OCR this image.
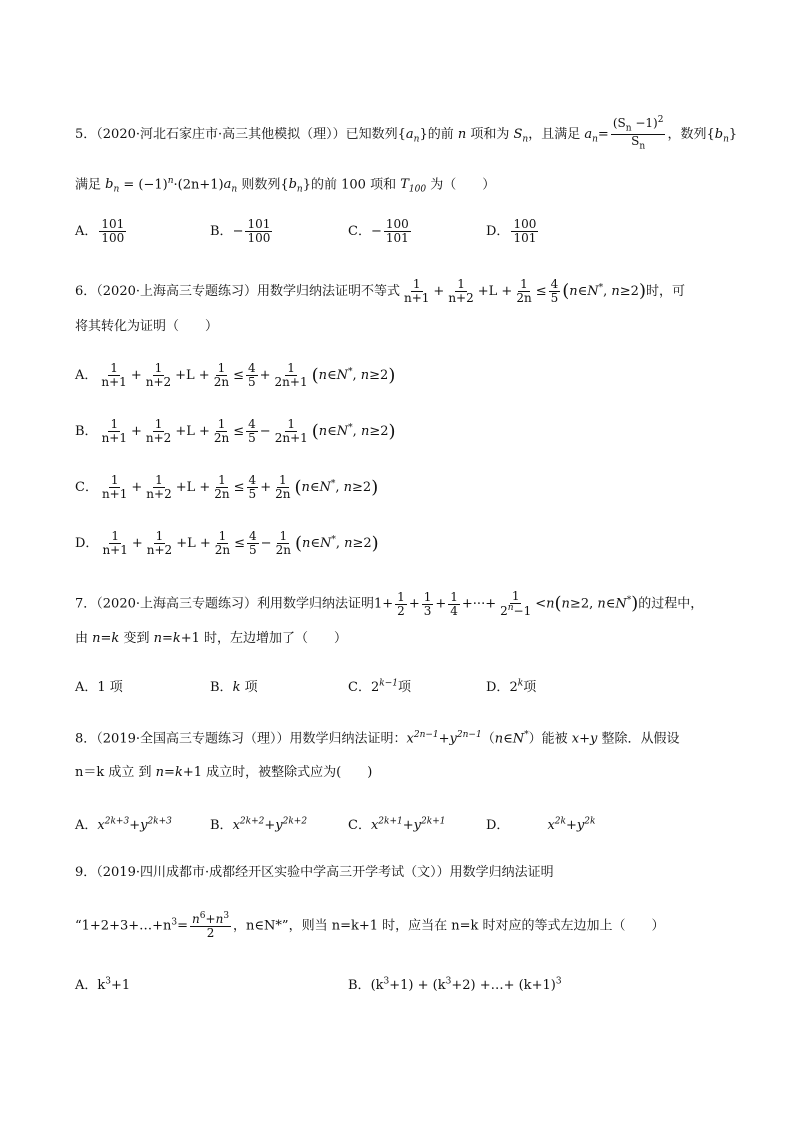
5．（2020·河北石家庄市·高三其他模拟（理））已知数列$\{a_n\}$的前 n 项和为 $S_n$，且满足 $a_n= \frac{(S_n -1)^2}{S_n}$ ，数列$\{b_n\}$
满足 $b_n = (-1)^n\cdot(2n+1)a_n$ 则数列$\{b_n\}$的前 100 项和 $T_{100}$ 为（　　）
A． $\frac{101}{100}$	B．− $\frac{101}{100}$	C．− $\frac{100}{101}$	D． $\frac{100}{101}$
6．（2020·上海高三专题练习）用数学归纳法证明不等式 $\frac{1}{n+1} + \frac{1}{n+2} +L + \frac{1}{2n} \le \frac{4}{5}$ (n∈N*, n≥2)时，可
将其转化为证明（　　）
A． $\frac{1}{n+1} + \frac{1}{n+2} +L + \frac{1}{2n} \le \frac{4}{5} + \frac{1}{2n+1}$ (n∈N*, n≥2)
B． $\frac{1}{n+1} + \frac{1}{n+2} +L + \frac{1}{2n} \le \frac{4}{5} - \frac{1}{2n+1}$ (n∈N*, n≥2)
C． $\frac{1}{n+1} + \frac{1}{n+2} +L + \frac{1}{2n} \le \frac{4}{5} + \frac{1}{2n}$ (n∈N*, n≥2)
D． $\frac{1}{n+1} + \frac{1}{n+2} +L + \frac{1}{2n} \le \frac{4}{5} - \frac{1}{2n}$ (n∈N*, n≥2)
7．（2020·上海高三专题练习）利用数学归纳法证明$1+ \frac{1}{2} + \frac{1}{3} + \frac{1}{4}$ +···+ $\frac{1}{2^n-1} <n(n\ge 2$, n∈N*)的过程中，
由 n=k 变到 n=k+1 时，左边增加了（　　）
A．1 项	B．k 项	C．$2^{k-1}$项	D．2$^k$项
8．（2019·全国高三专题练习（理））用数学归纳法证明：$x^{2n-1}+y^{2n-1}(n\in N^*)$能被 x+y 整除．从假设
n＝k 成立 到 n=k+1 成立时，被整除式应为(　　)
A．$x^{2k+3}+y^{2k+3}$	B．$x^{2k+2}+y^{2k+2}$	C．$x^{2k+1}+y^{2k+1}$	D．	$x^{2k}+y^{2k}$
9．（2019·四川成都市·成都经开区实验中学高三开学考试（文））用数学归纳法证明
“$1+2+3+\dots+n^3= \frac{n^6+n^3}{2}$ ，n∈N*”，则当 n=k+1 时，应当在 n=k 时对应的等式左边加上（　　）
A．$k^3+1$	B．$(k^3+1) + (k^3+2)$ +…+ $(k+1)^3$
